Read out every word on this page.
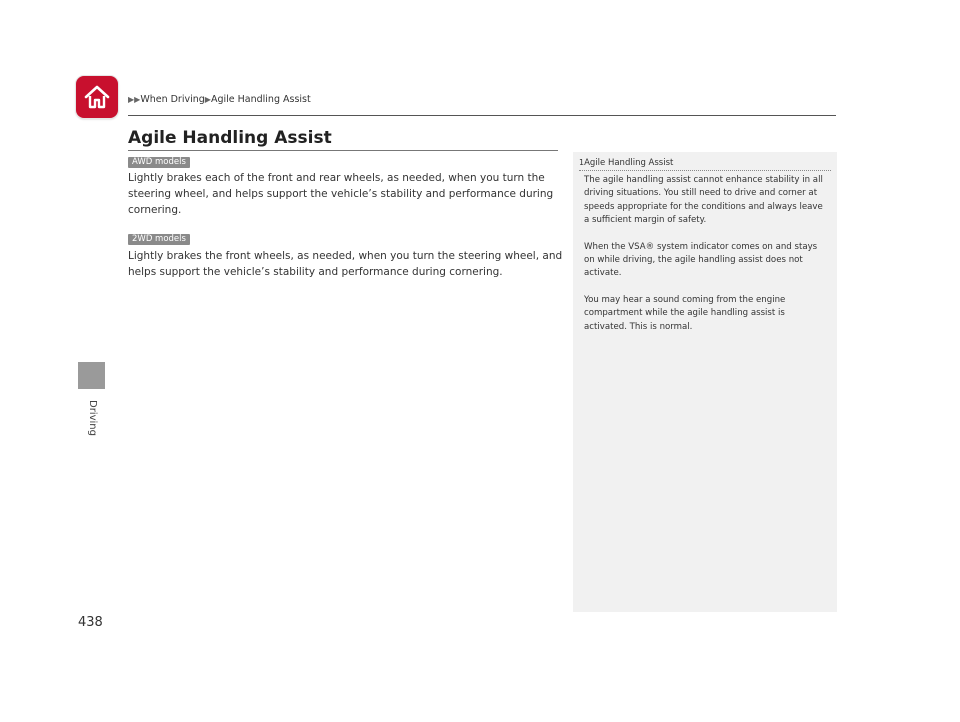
▶▶When Driving▶Agile Handling Assist
Driving
Agile Handling Assist
AWD models
Lightly brakes each of the front and rear wheels, as needed, when you turn the steering wheel, and helps support the vehicle’s stability and performance during cornering.
2WD models
Lightly brakes the front wheels, as needed, when you turn the steering wheel, and helps support the vehicle’s stability and performance during cornering.
1Agile Handling Assist

The agile handling assist cannot enhance stability in all driving situations. You still need to drive and corner at speeds appropriate for the conditions and always leave a sufficient margin of safety.

When the VSA® system indicator comes on and stays on while driving, the agile handling assist does not activate.

You may hear a sound coming from the engine compartment while the agile handling assist is activated. This is normal.

438
